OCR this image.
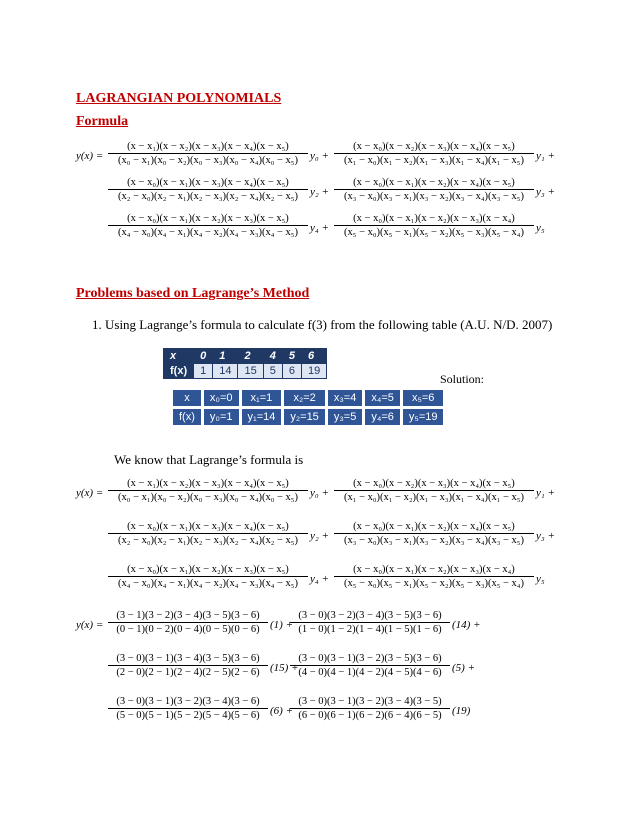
LAGRANGIAN POLYNOMIALS
Formula
y(x) =
(x − x₁)(x − x₂)(x − x₃)(x − x₄)(x − x₅)
(x₀ − x₁)(x₀ − x₂)(x₀ − x₃)(x₀ − x₄)(x₀ − x₅)	y₀ +
(x − x₀)(x − x₂)(x − x₃)(x − x₄)(x − x₅)
(x₁ − x₀)(x₁ − x₂)(x₁ − x₃)(x₁ − x₄)(x₁ − x₅)	y₁ +
(x − x₀)(x − x₁)(x − x₃)(x − x₄)(x − x₅)
(x₂ − x₀)(x₂ − x₁)(x₂ − x₃)(x₂ − x₄)(x₂ − x₅)	y₂ +
(x − x₀)(x − x₁)(x − x₂)(x − x₄)(x − x₅)
(x₃ − x₀)(x₃ − x₁)(x₃ − x₂)(x₃ − x₄)(x₃ − x₅)	y₃ +
(x − x₀)(x − x₁)(x − x₂)(x − x₃)(x − x₅)
(x₄ − x₀)(x₄ − x₁)(x₄ − x₂)(x₄ − x₃)(x₄ − x₅)	y₄ +
(x − x₀)(x − x₁)(x − x₂)(x − x₃)(x − x₄)
(x₅ − x₀)(x₅ − x₁)(x₅ − x₂)(x₅ − x₃)(x₅ − x₄)	y₅
Problems based on Lagrange’s Method
1. Using Lagrange’s formula to calculate f(3) from the following table (A.U. N/D. 2007)
x	0	1	2	4	5	6
f(x)	1	14	15	5	6	19
Solution:
x	x₀=0	x₁=1	x₂=2	x₃=4	x₄=5	x₅=6
f(x)	y₀=1	y₁=14	y₂=15	y₃=5	y₄=6	y₅=19
We know that Lagrange’s formula is
y(x) =
(x − x₁)(x − x₂)(x − x₃)(x − x₄)(x − x₅)
(x₀ − x₁)(x₀ − x₂)(x₀ − x₃)(x₀ − x₄)(x₀ − x₅)	y₀ +
(x − x₀)(x − x₂)(x − x₃)(x − x₄)(x − x₅)
(x₁ − x₀)(x₁ − x₂)(x₁ − x₃)(x₁ − x₄)(x₁ − x₅)	y₁ +
(x − x₀)(x − x₁)(x − x₃)(x − x₄)(x − x₅)
(x₂ − x₀)(x₂ − x₁)(x₂ − x₃)(x₂ − x₄)(x₂ − x₅)	y₂ +
(x − x₀)(x − x₁)(x − x₂)(x − x₄)(x − x₅)
(x₃ − x₀)(x₃ − x₁)(x₃ − x₂)(x₃ − x₄)(x₃ − x₅)	y₃ +
(x − x₀)(x − x₁)(x − x₂)(x − x₃)(x − x₅)
(x₄ − x₀)(x₄ − x₁)(x₄ − x₂)(x₄ − x₃)(x₄ − x₅)	y₄ +
(x − x₀)(x − x₁)(x − x₂)(x − x₃)(x − x₄)
(x₅ − x₀)(x₅ − x₁)(x₅ − x₂)(x₅ − x₃)(x₅ − x₄)	y₅
y(x) =
(3 − 1)(3 − 2)(3 − 4)(3 − 5)(3 − 6)
(0 − 1)(0 − 2)(0 − 4)(0 − 5)(0 − 6) (1) +
(3 − 0)(3 − 2)(3 − 4)(3 − 5)(3 − 6)
(1 − 0)(1 − 2)(1 − 4)(1 − 5)(1 − 6) (14) +
(3 − 0)(3 − 1)(3 − 4)(3 − 5)(3 − 6)
(2 − 0)(2 − 1)(2 − 4)(2 − 5)(2 − 6) (15) +
(3 − 0)(3 − 1)(3 − 2)(3 − 5)(3 − 6)
(4 − 0)(4 − 1)(4 − 2)(4 − 5)(4 − 6) (5) +
(3 − 0)(3 − 1)(3 − 2)(3 − 4)(3 − 6)
(5 − 0)(5 − 1)(5 − 2)(5 − 4)(5 − 6) (6) +
(3 − 0)(3 − 1)(3 − 2)(3 − 4)(3 − 5)
(6 − 0)(6 − 1)(6 − 2)(6 − 4)(6 − 5) (19)
